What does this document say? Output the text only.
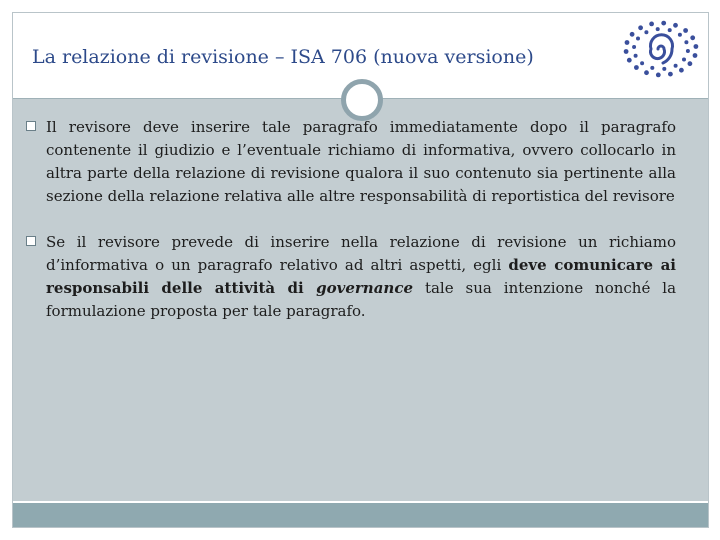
La relazione di revisione – ISA 706 (nuova versione)
Il revisore deve inserire tale paragrafo immediatamente dopo il paragrafo contenente il giudizio e l’eventuale richiamo di informativa, ovvero collocarlo in altra parte della relazione di revisione qualora il suo contenuto sia pertinente alla sezione della relazione relativa alle altre responsabilità di reportistica del revisore
Se il revisore prevede di inserire nella relazione di revisione un richiamo d’informativa o un paragrafo relativo ad altri aspetti, egli deve comunicare ai responsabili delle attività di governance tale sua intenzione nonché la formulazione proposta per tale paragrafo.
